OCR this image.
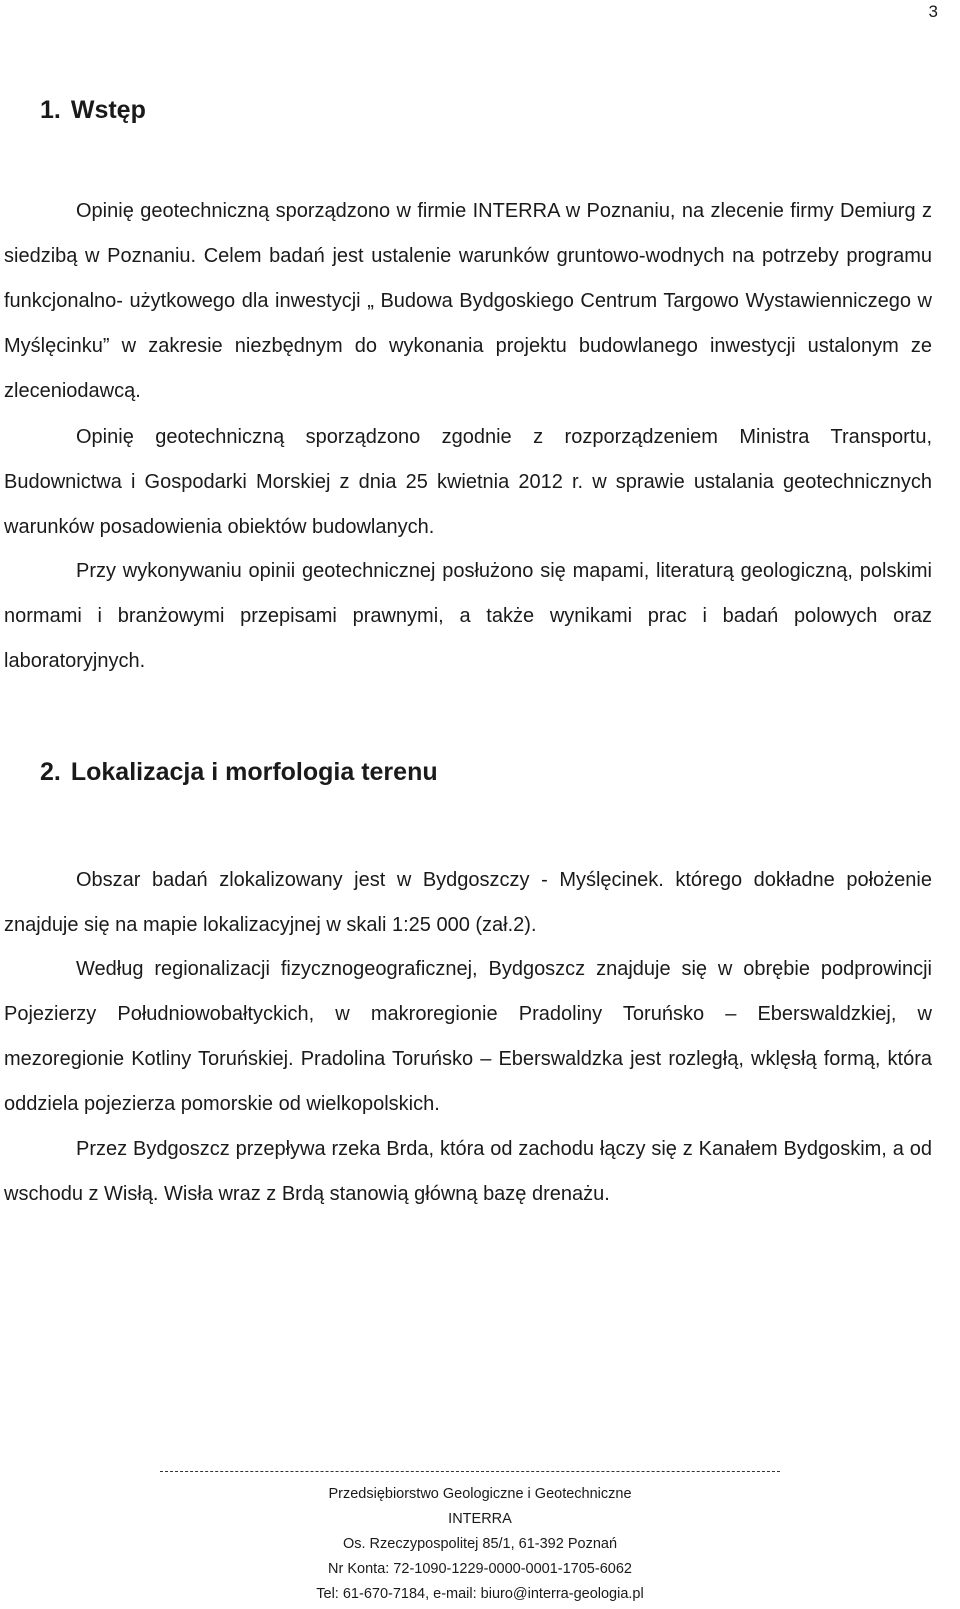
3
1. Wstęp

Opinię geotechniczną sporządzono w firmie INTERRA w Poznaniu, na zlecenie firmy Demiurg z siedzibą w Poznaniu. Celem badań jest ustalenie warunków gruntowo-wodnych na potrzeby programu funkcjonalno- użytkowego dla inwestycji „ Budowa Bydgoskiego Centrum Targowo Wystawienniczego w Myślęcinku” w zakresie niezbędnym do wykonania projektu budowlanego inwestycji ustalonym ze zleceniodawcą.

Opinię geotechniczną sporządzono zgodnie z rozporządzeniem Ministra Transportu, Budownictwa i Gospodarki Morskiej z dnia 25 kwietnia 2012 r. w sprawie ustalania geotechnicznych warunków posadowienia obiektów budowlanych.

Przy wykonywaniu opinii geotechnicznej posłużono się mapami, literaturą geologiczną, polskimi normami i branżowymi przepisami prawnymi, a także wynikami prac i badań polowych oraz laboratoryjnych.

2. Lokalizacja i morfologia terenu

Obszar badań zlokalizowany jest w Bydgoszczy - Myślęcinek. którego dokładne położenie znajduje się na mapie lokalizacyjnej w skali 1:25 000 (zał.2).

Według regionalizacji fizycznogeograficznej, Bydgoszcz znajduje się w obrębie podprowincji Pojezierzy Południowobałtyckich, w makroregionie Pradoliny Toruńsko – Eberswaldzkiej, w mezoregionie Kotliny Toruńskiej. Pradolina Toruńsko – Eberswaldzka jest rozległą, wklęsłą formą, która oddziela pojezierza pomorskie od wielkopolskich.

Przez Bydgoszcz przepływa rzeka Brda, która od zachodu łączy się z Kanałem Bydgoskim, a od wschodu z Wisłą. Wisła wraz z Brdą stanowią główną bazę drenażu.

Przedsiębiorstwo Geologiczne i Geotechniczne
INTERRA
Os. Rzeczypospolitej 85/1, 61-392 Poznań
Nr Konta: 72-1090-1229-0000-0001-1705-6062
Tel: 61-670-7184, e-mail: biuro@interra-geologia.pl
